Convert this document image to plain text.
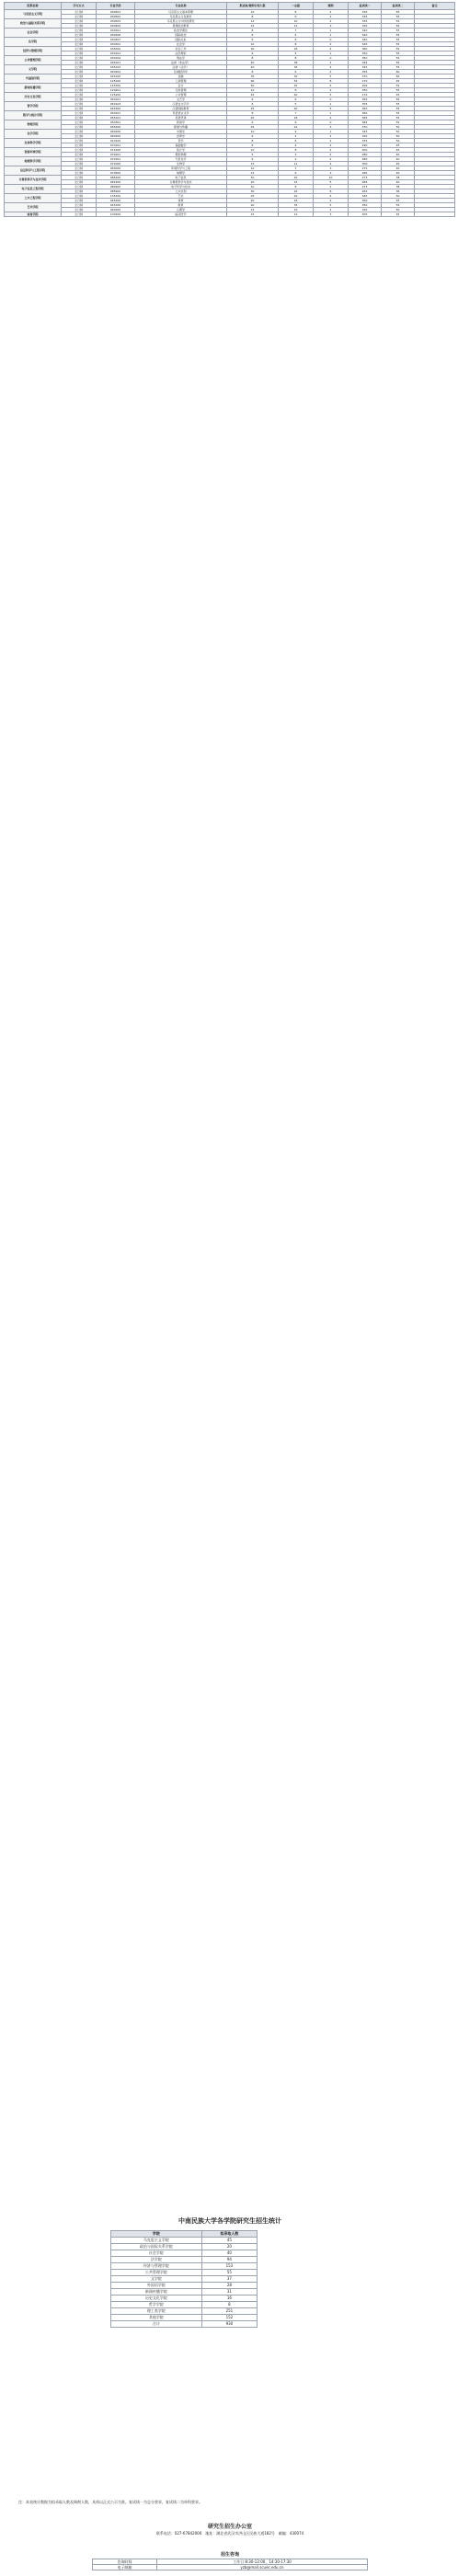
院系名称	学习方式	专业代码	专业名称	拟录取/调剂计划人数	一志愿	调剂	复试线一	复试线二	备注
马克思主义学院	全日制	030501	马克思主义基本原理	10	8	2	335	55	
	全日制	030502	马克思主义发展史	8	6	2	335	55	
政治与国际关系学院	全日制	030503	马克思主义中国化研究	12	10	2	335	55	
	全日制	030505	思想政治教育	15	12	3	335	55	
社会学院	全日制	030201	政治学理论	8	7	1	340	55	
	全日制	030206	国际政治	6	5	1	340	55	
法学院	全日制	030207	国际关系	6	6	0	340	55	
	全日制	030301	社会学	10	8	2	345	55	
经济与管理学院	全日制	035200	社会工作	30	26	4	360	55	
	全日制	030101	法学理论	6	5	1	350	55	
公共管理学院	全日制	030104	刑法学	8	8	0	350	55	
	全日制	035101	法律（非法学）	40	38	2	345	55	
文学院	全日制	035102	法律（法学）	40	36	4	345	55	
	全日制	020202	区域经济学	8	6	2	355	60	
外国语学院	全日制	025100	金融	35	30	5	370	60	
	全日制	125100	工商管理	60	52	8	170	45	
新闻传播学院	全日制	125300	会计	50	45	5	206	55	
	全日制	120401	行政管理	10	8	2	350	55	
历史文化学院	全日制	125200	公共管理	45	40	5	170	45	
	全日制	050101	文艺学	6	6	0	355	55	
哲学学院	全日制	050103	汉语言文字学	6	5	1	355	55	
	全日制	045300	汉语国际教育	25	20	5	350	55	
数学与统计学院	全日制	050201	英语语言文学	8	7	1	360	55	
	全日制	055101	英语笔译	20	18	2	365	55	
物理学院	全日制	050301	新闻学	6	6	0	365	55	
	全日制	055200	新闻与传播	25	22	3	370	55	
化学学院	全日制	060200	中国史	10	9	1	325	50	
	全日制	060300	世界史	6	4	2	325	50	
生命科学学院	全日制	010100	哲学	8	6	2	335	50	
	全日制	070101	基础数学	6	4	2	290	45	
资源环境学院	全日制	071400	统计学	10	8	2	300	45	
	全日制	070201	理论物理	5	3	2	280	40	
地理科学学院	全日制	070301	无机化学	6	4	2	280	40	
	全日制	071000	生物学	15	11	4	300	45	
信息科学与工程学院	全日制	083000	环境科学与工程	10	7	3	275	40	
	全日制	070500	地理学	12	9	3	285	40	
计算机科学与技术学院	全日制	085400	电子信息	50	40	10	273	38	
	全日制	081200	计算机科学与技术	20	15	5	285	40	
电子信息工程学院	全日制	080900	电子科学与技术	10	8	2	273	38	
	全日制	085900	土木水利	30	22	8	263	36	
土木工程学院	全日制	135100	艺术	25	20	5	345	50	
	全日制	045200	体育	20	18	2	300	45	
艺术学院	全日制	045100	教育	40	35	5	350	55	
	全日制	040200	心理学	12	10	2	325	50	
体育学院	全日制	100200	临床医学	15	12	3	305	45	
中南民族大学各学院研究生招生统计
学院	拟录取人数
马克思主义学院	45
政治与国际关系学院	20
社会学院	40
法学院	94
经济与管理学院	153
公共管理学院	55
文学院	37
外国语学院	28
新闻传播学院	31
历史文化学院	16
哲学学院	8
理工类学院	251
其他学院	152
合计	930
注：本表统计数据为拟录取人数及调剂人数，具体以正式公示为准。复试线一为总分要求，复试线二为单科要求。
研究生招生办公室
联系电话：027-67842000　地址：湖北省武汉市洪山区民族大道182号　邮编：430074
招生咨询
咨询时间	工作日 8:30-12:00，14:30-17:30
电子邮箱	yzb@mail.scuec.edu.cn
